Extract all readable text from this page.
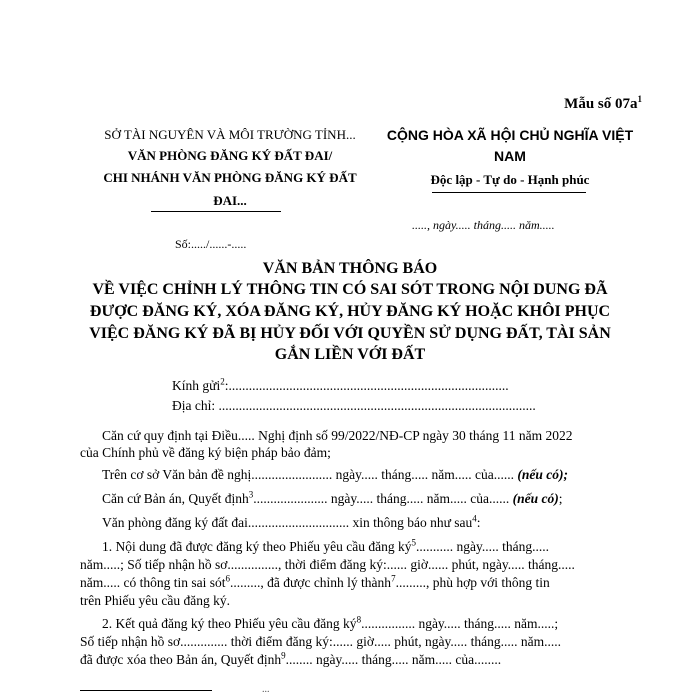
Mẫu số $07a^1$
SỞ TÀI NGUYÊN VÀ MÔI TRƯỜNG TỈNH...
VĂN PHÒNG ĐĂNG KÝ ĐẤT ĐAI/
CHI NHÁNH VĂN PHÒNG ĐĂNG KÝ ĐẤT
ĐAI...
CỘNG HÒA XÃ HỘI CHỦ NGHĨA VIỆT
NAM
Độc lập - Tự do - Hạnh phúc
....., ngày..... tháng..... năm.....
Số:...../......-.....
VĂN BẢN THÔNG BÁO
VỀ VIỆC CHỈNH LÝ THÔNG TIN CÓ SAI SÓT TRONG NỘI DUNG ĐÃ
ĐƯỢC ĐĂNG KÝ, XÓA ĐĂNG KÝ, HỦY ĐĂNG KÝ HOẶC KHÔI PHỤC
VIỆC ĐĂNG KÝ ĐÃ BỊ HỦY ĐỐI VỚI QUYỀN SỬ DỤNG ĐẤT, TÀI SẢN
GẮN LIỀN VỚI ĐẤT
Kính gửi$^2$:...................................................................................
Địa chỉ: ..............................................................................................
Căn cứ quy định tại Điều..... Nghị định số 99/2022/NĐ-CP ngày 30 tháng 11 năm 2022
của Chính phủ về đăng ký biện pháp bảo đảm;
Trên cơ sở Văn bản đề nghị........................ ngày..... tháng..... năm..... của...... (nếu có);
Căn cứ Bản án, Quyết định$^3$...................... ngày..... tháng..... năm..... của...... (nếu có);
Văn phòng đăng ký đất đai.............................. xin thông báo như sau$^4$:
1. Nội dung đã được đăng ký theo Phiếu yêu cầu đăng $ký^5$........... ngày..... tháng.....
năm.....; Số tiếp nhận hồ sơ..............., thời điểm đăng ký:...... giờ...... phút, ngày..... tháng.....
năm..... có thông tin sai sót$^6$........., đã được chỉnh lý thành$^7$........., phù hợp với thông tin
trên Phiếu yêu cầu đăng ký.
2. Kết quả đăng ký theo Phiếu yêu cầu đăng $ký^8$................ ngày..... tháng..... năm.....;
Số tiếp nhận hồ sơ.............. thời điểm đăng ký:...... giờ..... phút, ngày..... tháng..... năm.....
đã được xóa theo Bản án, Quyết định$^9$........ ngày..... tháng..... năm..... của........
...
